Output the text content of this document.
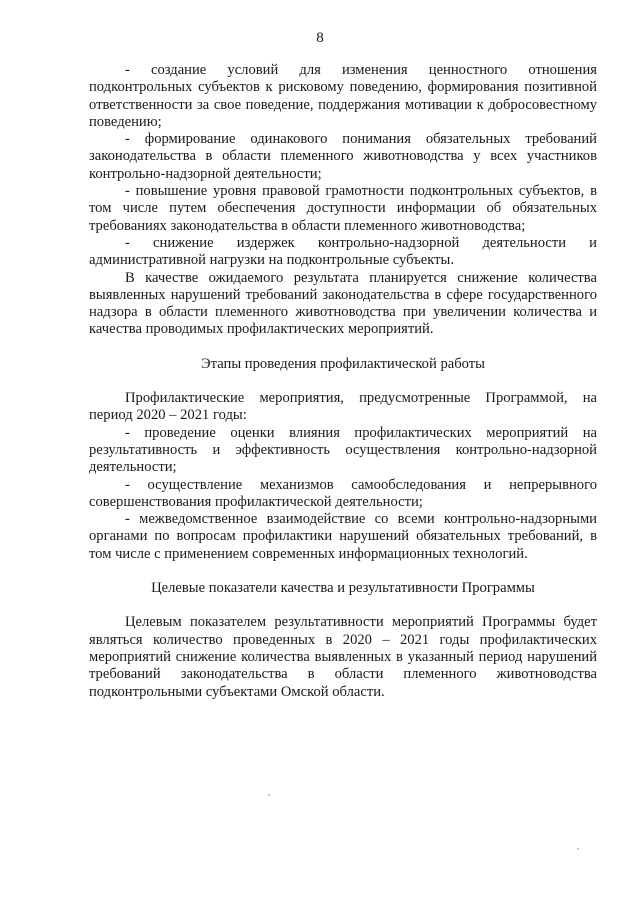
8

- создание условий для изменения ценностного отношения подконтрольных субъектов к рисковому поведению, формирования позитивной ответственности за свое поведение, поддержания мотивации к добросовестному поведению;

- формирование одинакового понимания обязательных требований законодательства в области племенного животноводства у всех участников контрольно-надзорной деятельности;

- повышение уровня правовой грамотности подконтрольных субъектов, в том числе путем обеспечения доступности информации об обязательных требованиях законодательства в области племенного животноводства;

- снижение издержек контрольно-надзорной деятельности и административной нагрузки на подконтрольные субъекты.

В качестве ожидаемого результата планируется снижение количества выявленных нарушений требований законодательства в сфере государственного надзора в области племенного животноводства при увеличении количества и качества проводимых профилактических мероприятий.

Этапы проведения профилактической работы

Профилактические мероприятия, предусмотренные Программой, на период 2020 – 2021 годы:

- проведение оценки влияния профилактических мероприятий на результативность и эффективность осуществления контрольно-надзорной деятельности;

- осуществление механизмов самообследования и непрерывного совершенствования профилактической деятельности;

- межведомственное взаимодействие со всеми контрольно-надзорными органами по вопросам профилактики нарушений обязательных требований, в том числе с применением современных информационных технологий.

Целевые показатели качества и результативности Программы

Целевым показателем результативности мероприятий Программы будет являться количество проведенных в 2020 – 2021 годы профилактических мероприятий снижение количества выявленных в указанный период нарушений требований законодательства в области племенного животноводства подконтрольными субъектами Омской области.
